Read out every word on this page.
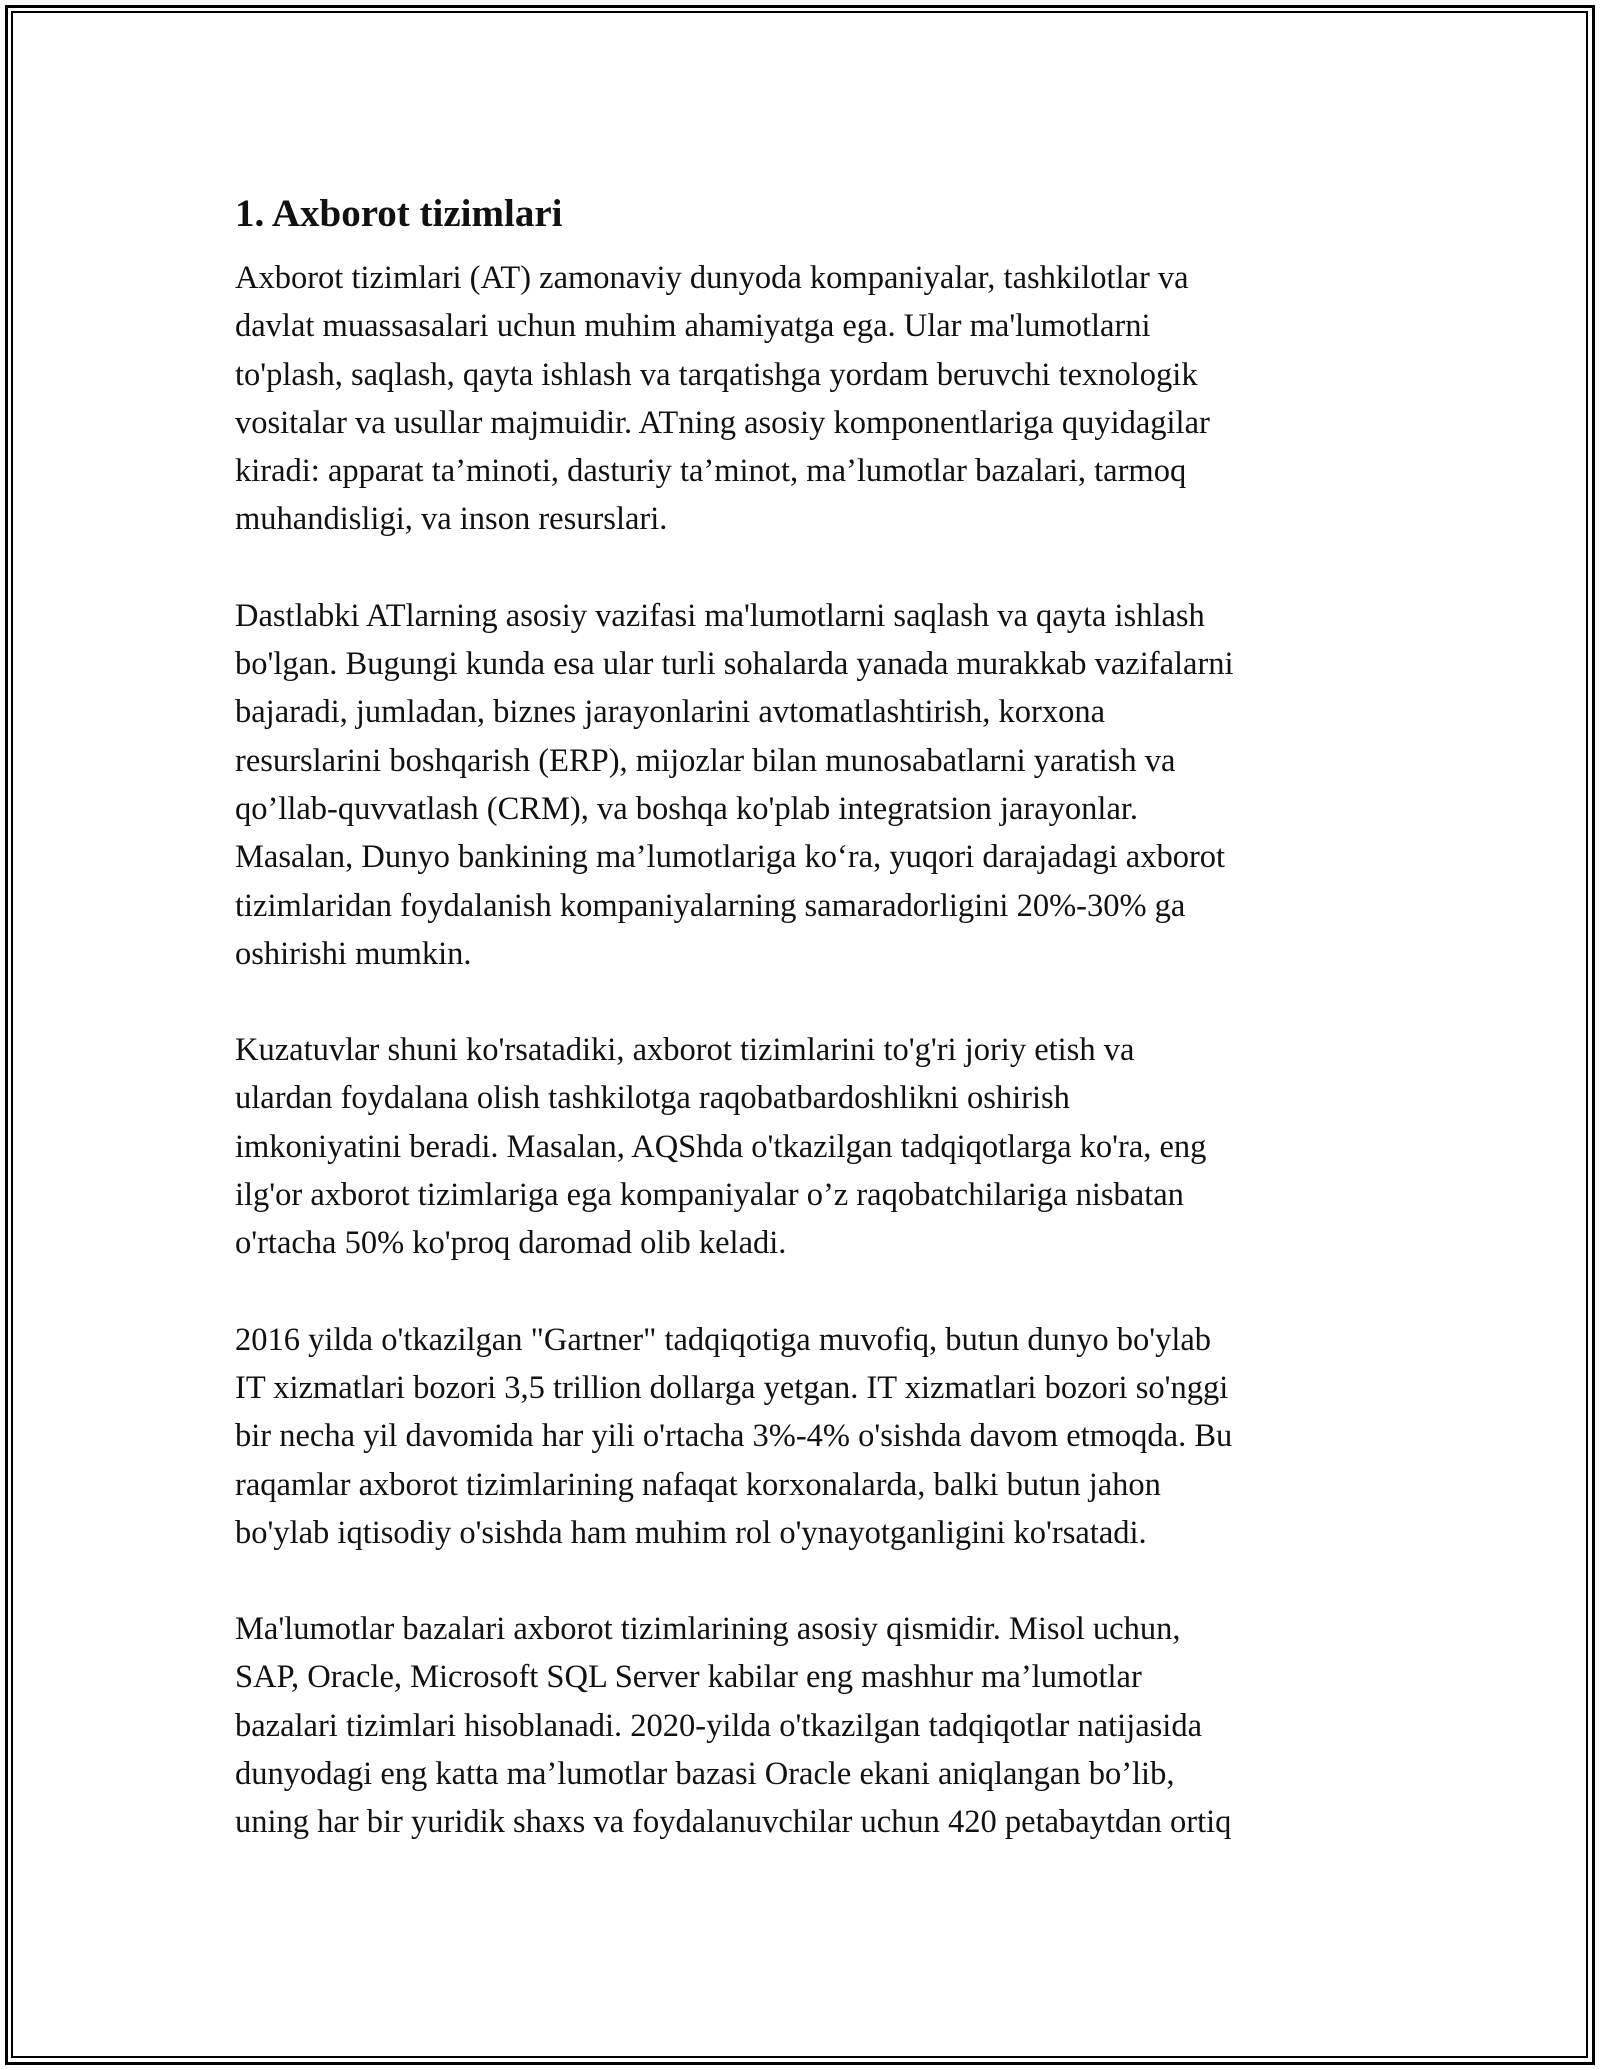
1. Axborot tizimlari
Axborot tizimlari (AT) zamonaviy dunyoda kompaniyalar, tashkilotlar va
davlat muassasalari uchun muhim ahamiyatga ega. Ular ma'lumotlarni
to'plash, saqlash, qayta ishlash va tarqatishga yordam beruvchi texnologik
vositalar va usullar majmuidir. ATning asosiy komponentlariga quyidagilar
kiradi: apparat ta’minoti, dasturiy ta’minot, ma’lumotlar bazalari, tarmoq
muhandisligi, va inson resurslari.
Dastlabki ATlarning asosiy vazifasi ma'lumotlarni saqlash va qayta ishlash
bo'lgan. Bugungi kunda esa ular turli sohalarda yanada murakkab vazifalarni
bajaradi, jumladan, biznes jarayonlarini avtomatlashtirish, korxona
resurslarini boshqarish (ERP), mijozlar bilan munosabatlarni yaratish va
qo’llab-quvvatlash (CRM), va boshqa ko'plab integratsion jarayonlar.
Masalan, Dunyo bankining ma’lumotlariga ko‘ra, yuqori darajadagi axborot
tizimlaridan foydalanish kompaniyalarning samaradorligini 20%-30% ga
oshirishi mumkin.
Kuzatuvlar shuni ko'rsatadiki, axborot tizimlarini to'g'ri joriy etish va
ulardan foydalana olish tashkilotga raqobatbardoshlikni oshirish
imkoniyatini beradi. Masalan, AQShda o'tkazilgan tadqiqotlarga ko'ra, eng
ilg'or axborot tizimlariga ega kompaniyalar o’z raqobatchilariga nisbatan
o'rtacha 50% ko'proq daromad olib keladi.
2016 yilda o'tkazilgan "Gartner" tadqiqotiga muvofiq, butun dunyo bo'ylab
IT xizmatlari bozori 3,5 trillion dollarga yetgan. IT xizmatlari bozori so'nggi
bir necha yil davomida har yili o'rtacha 3%-4% o'sishda davom etmoqda. Bu
raqamlar axborot tizimlarining nafaqat korxonalarda, balki butun jahon
bo'ylab iqtisodiy o'sishda ham muhim rol o'ynayotganligini ko'rsatadi.
Ma'lumotlar bazalari axborot tizimlarining asosiy qismidir. Misol uchun,
SAP, Oracle, Microsoft SQL Server kabilar eng mashhur ma’lumotlar
bazalari tizimlari hisoblanadi. 2020-yilda o'tkazilgan tadqiqotlar natijasida
dunyodagi eng katta ma’lumotlar bazasi Oracle ekani aniqlangan bo’lib,
uning har bir yuridik shaxs va foydalanuvchilar uchun 420 petabaytdan ortiq
